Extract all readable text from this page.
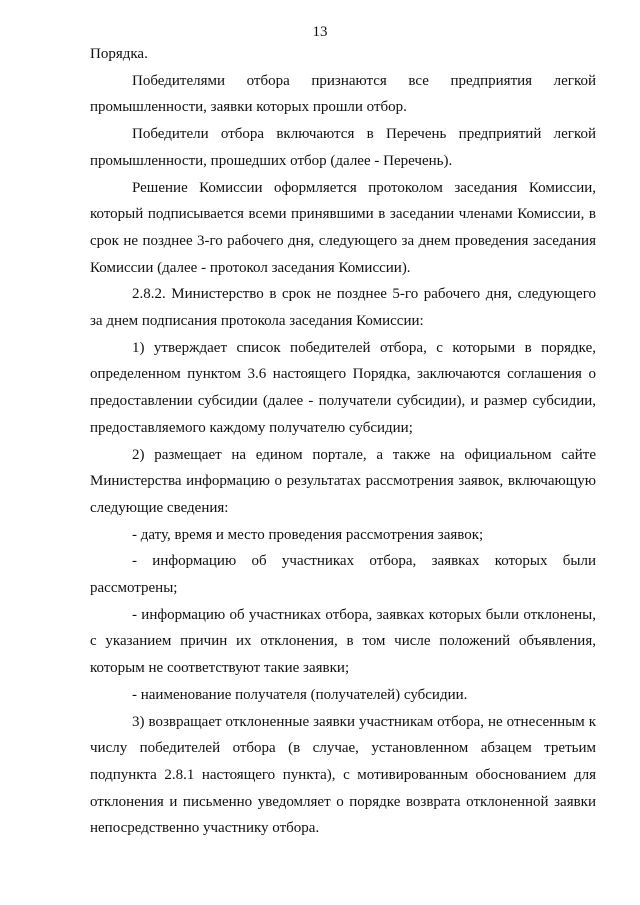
13

Порядка.

Победителями отбора признаются все предприятия легкой промышленности, заявки которых прошли отбор.

Победители отбора включаются в Перечень предприятий легкой промышленности, прошедших отбор (далее - Перечень).

Решение Комиссии оформляется протоколом заседания Комиссии, который подписывается всеми принявшими в заседании членами Комиссии, в срок не позднее 3-го рабочего дня, следующего за днем проведения заседания Комиссии (далее - протокол заседания Комиссии).

2.8.2. Министерство в срок не позднее 5-го рабочего дня, следующего за днем подписания протокола заседания Комиссии:

1) утверждает список победителей отбора, с которыми в порядке, определенном пунктом 3.6 настоящего Порядка, заключаются соглашения о предоставлении субсидии (далее - получатели субсидии), и размер субсидии, предоставляемого каждому получателю субсидии;

2) размещает на едином портале, а также на официальном сайте Министерства информацию о результатах рассмотрения заявок, включающую следующие сведения:

- дату, время и место проведения рассмотрения заявок;

- информацию об участниках отбора, заявках которых были рассмотрены;

- информацию об участниках отбора, заявках которых были отклонены, с указанием причин их отклонения, в том числе положений объявления, которым не соответствуют такие заявки;

- наименование получателя (получателей) субсидии.

3) возвращает отклоненные заявки участникам отбора, не отнесенным к числу победителей отбора (в случае, установленном абзацем третьим подпункта 2.8.1 настоящего пункта), с мотивированным обоснованием для отклонения и письменно уведомляет о порядке возврата отклоненной заявки непосредственно участнику отбора.
